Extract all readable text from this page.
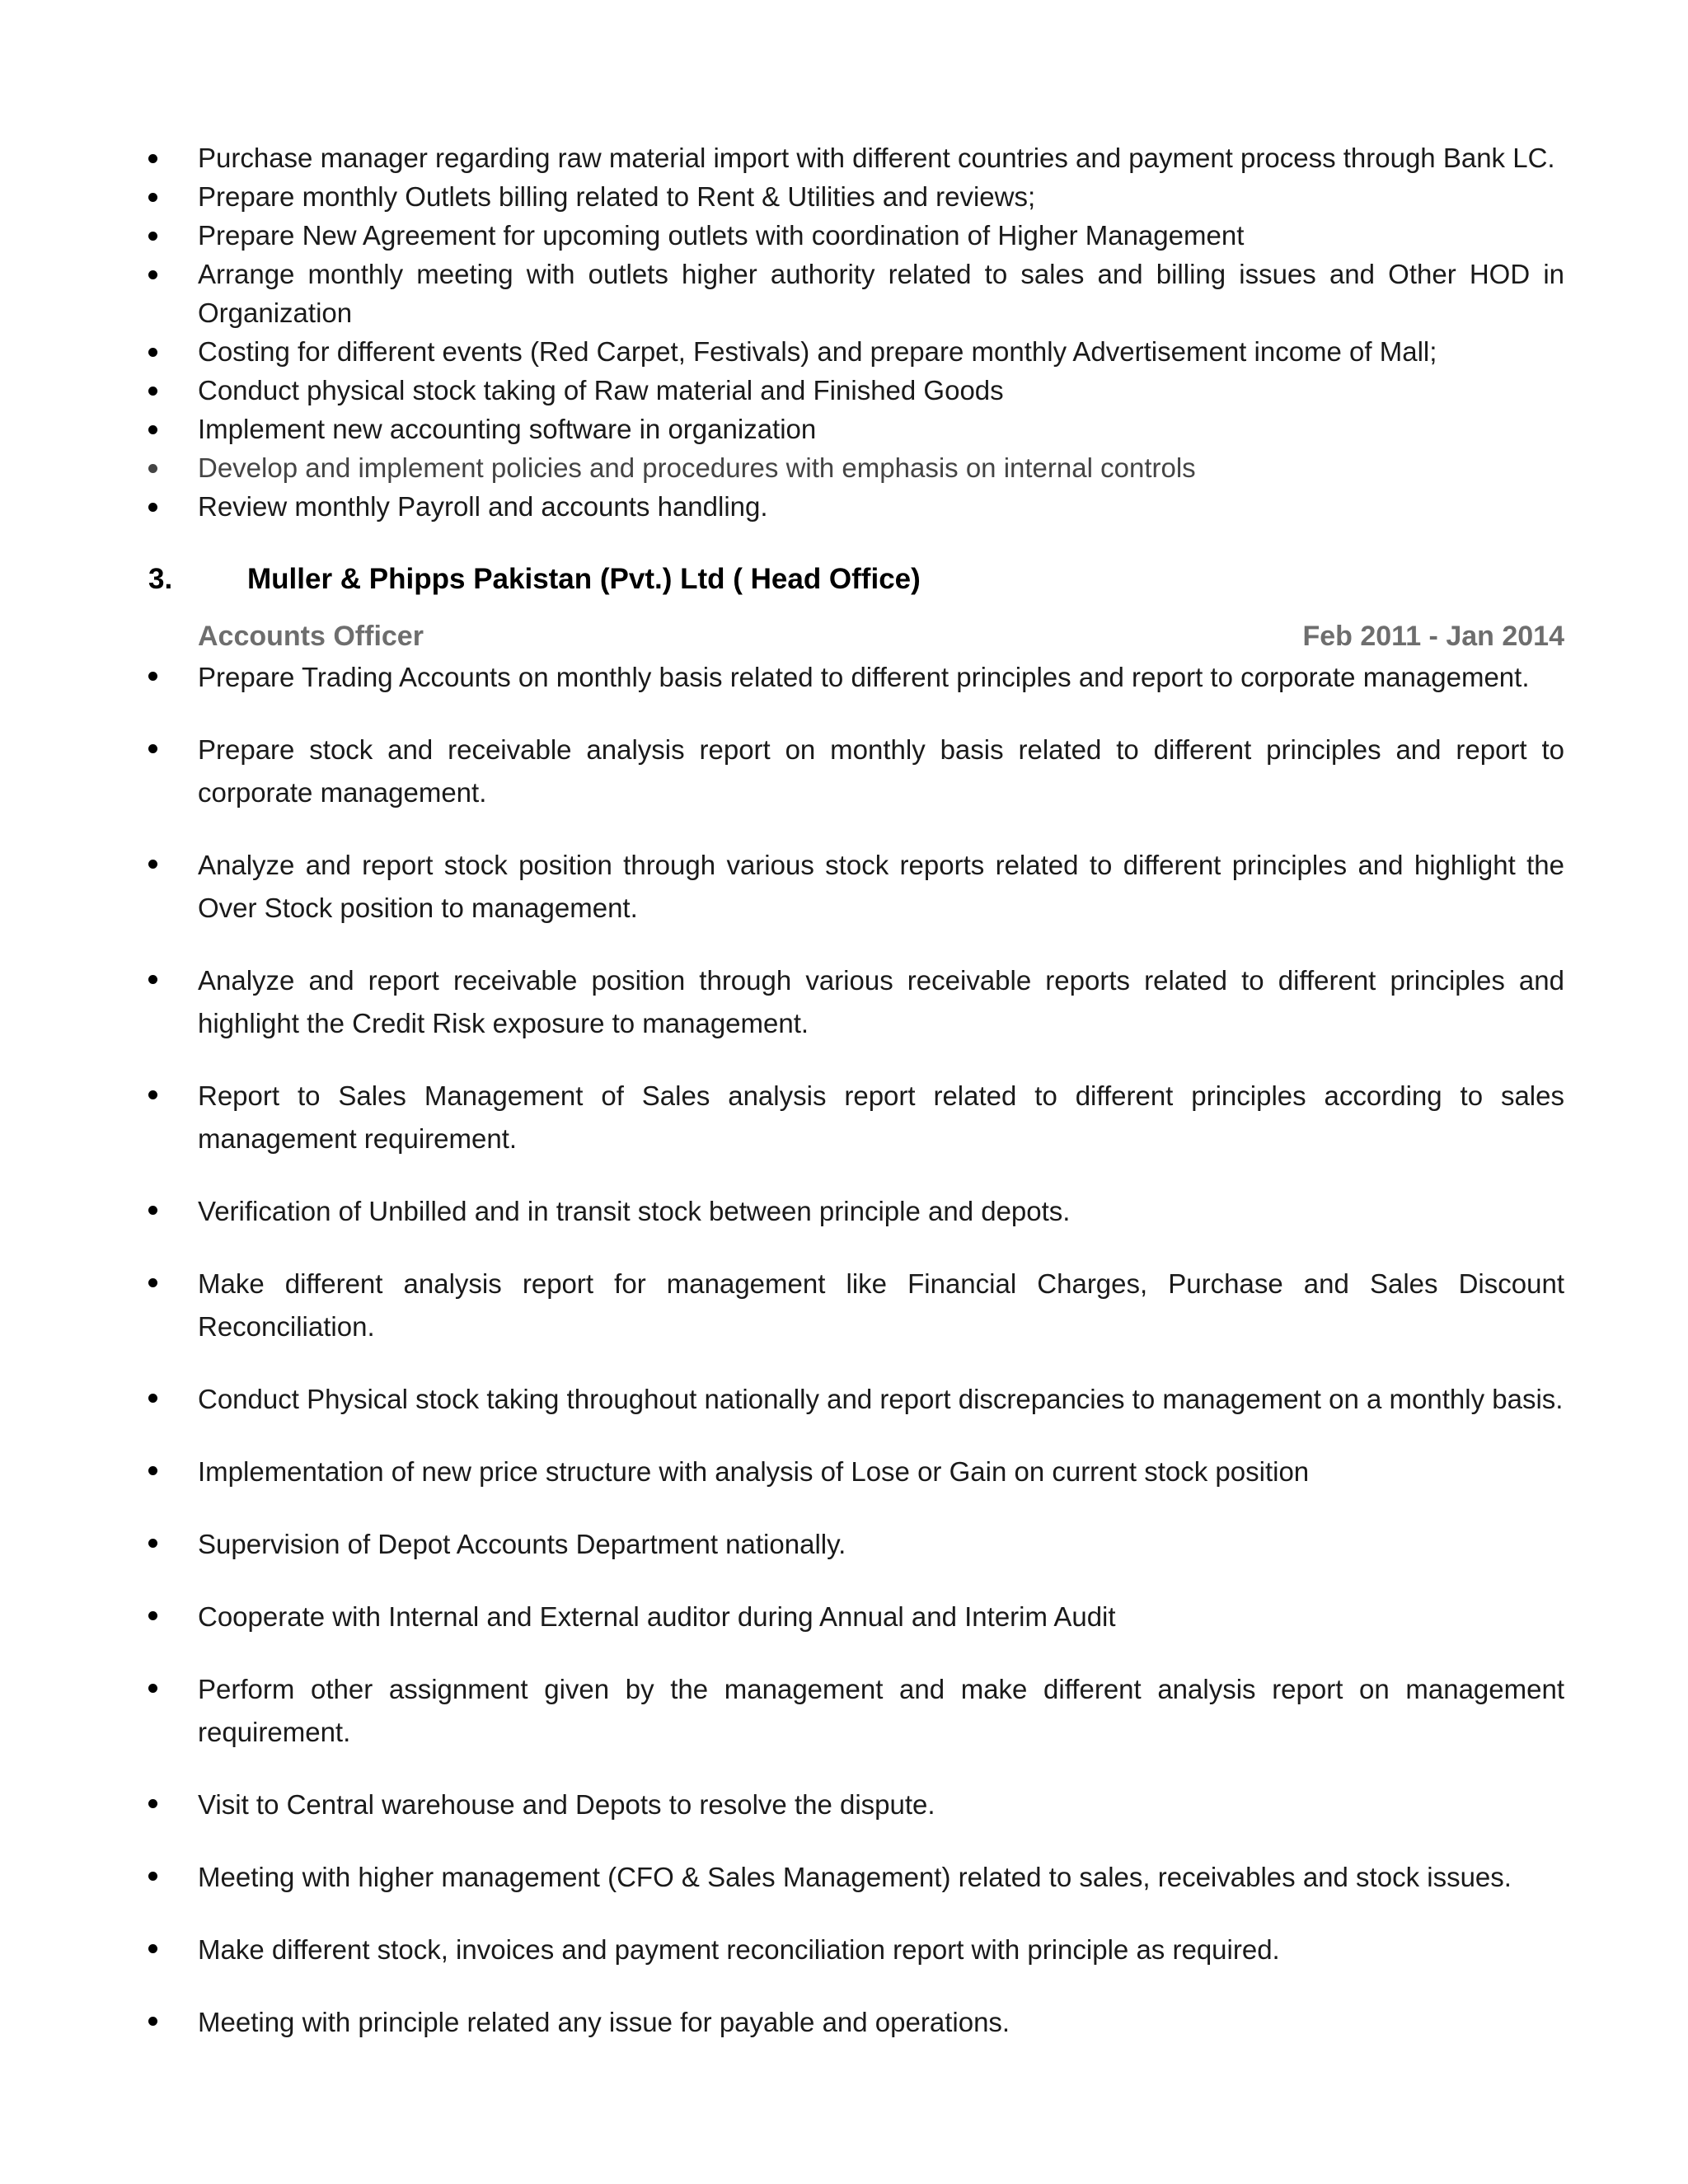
Purchase manager regarding raw material import with different countries and payment process through Bank LC.
Prepare monthly Outlets billing related to Rent & Utilities and reviews;
Prepare New Agreement for upcoming outlets with coordination of Higher Management
Arrange monthly meeting with outlets higher authority related to sales and billing issues and Other HOD in Organization
Costing for different events (Red Carpet, Festivals) and prepare monthly Advertisement income of Mall;
Conduct physical stock taking of Raw material and Finished Goods
Implement new accounting software in organization
Develop and implement policies and procedures with emphasis on internal controls
Review monthly Payroll and accounts handling.
3.	Muller & Phipps Pakistan (Pvt.) Ltd ( Head Office)
Accounts Officer	Feb 2011 - Jan 2014
Prepare Trading Accounts on monthly basis related to different principles and report to corporate management.
Prepare stock and receivable analysis report on monthly basis related to different principles and report to corporate management.
Analyze and report stock position through various stock reports related to different principles and highlight the Over Stock position to management.
Analyze and report receivable position through various receivable reports related to different principles and highlight the Credit Risk exposure to management.
Report to Sales Management of Sales analysis report related to different principles according to sales management requirement.
Verification of Unbilled and in transit stock between principle and depots.
Make different analysis report for management like Financial Charges, Purchase and Sales Discount Reconciliation.
Conduct Physical stock taking throughout nationally and report discrepancies to management on a monthly basis.
Implementation of new price structure with analysis of Lose or Gain on current stock position
Supervision of Depot Accounts Department nationally.
Cooperate with Internal and External auditor during Annual and Interim Audit
Perform other assignment given by the management and make different analysis report on management requirement.
Visit to Central warehouse and Depots to resolve the dispute.
Meeting with higher management (CFO & Sales Management) related to sales, receivables and stock issues.
Make different stock, invoices and payment reconciliation report with principle as required.
Meeting with principle related any issue for payable and operations.
